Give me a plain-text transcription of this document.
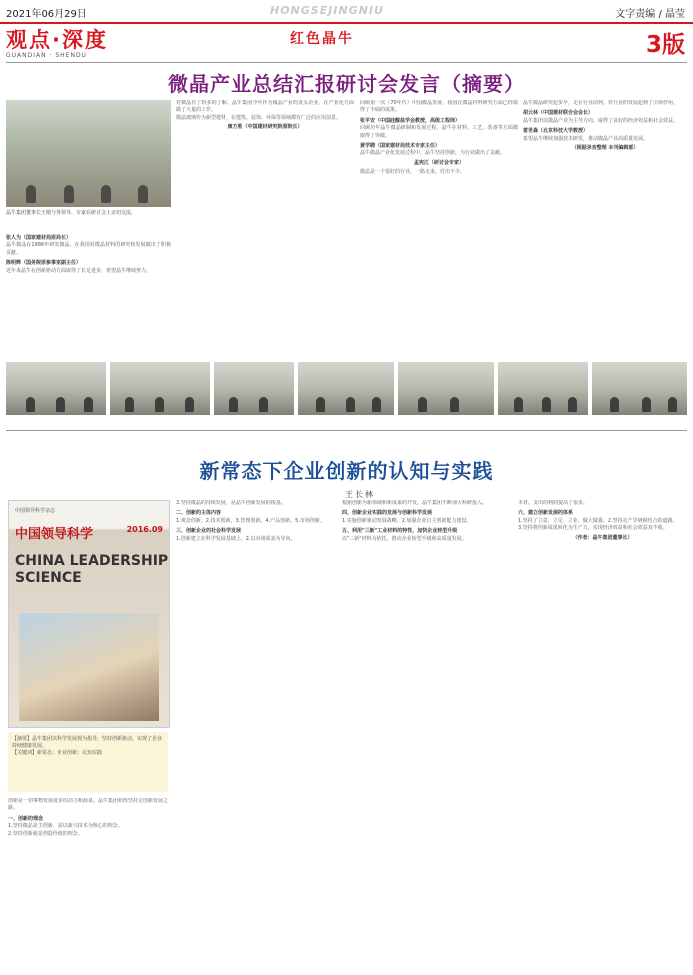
2021年06月29日	HONGSEJINGNIU	文字责编 / 晶莹
观点·深度
GUANDIAN · SHENDU
红色晶牛	3版
微晶产业总结汇报研讨会发言（摘要）
晶牛集团董事长王刚与各领导、专家在研讨会上亲切交流。
张人为（国家建材局原局长）
晶牛微晶在1986年研发微晶，在我国对微晶材料的研究和发展做出了积极贡献。

陈明辉（国务院原参事室副主任）
近年来晶牛在创新驱动方面取得了长足进步，希望晶牛继续努力。

对微晶有了较多的了解。晶牛集团今年作为微晶产业的龙头企业，在产业化方面做了大量的工作。
微晶玻璃作为新型建材，在建筑、装饰、环保等领域都有广泛的应用前景。

康方胜（中国建材研究院原院长）
回顾第一次（70年代）中国微晶发展，我国在微晶材料研究方面已经取得了丰硕的成果。

张平安（中国硅酸盐学会教授，高级工程师）
回顾历年晶牛微晶研制和发展过程，晶牛在材料、工艺、装备等方面都取得了突破。

黄学聘（国家建材局技术专家主任）
晶牛微晶产业化发展过程中，晶牛坚持创新，为行业做出了贡献。

孟宪江（研讨会专家）
微晶是一个很好的行业，一路走来，付出不少。

晶牛微晶研究起步早，走在行业前列，对行业的发展起到了引领作用。

胡云林（中国建材联合会会长）
晶牛集团以微晶产业为主导方向，取得了良好的经济效益和社会效益。

雷世森（北京科技大学教授）
希望晶牛继续加强技术研发，推动微晶产业高质量发展。

（根据录音整理 本刊编辑部）
新常态下企业创新的认知与实践
王长林
中国领导科学杂志
中国领导科学	2016.09
CHINA LEADERSHIP SCIENCE
【摘要】晶牛集团以科学发展观为指导，坚持创新驱动，实现了企业持续健康发展。
【关键词】新常态；企业创新；认知实践
创新是一切事物发展进步的动力和源泉。晶牛集团始终坚持走创新发展之路。

一、创新的理念
1.坚持微晶是主创新，是以新兴技术为核心的理念。
2.坚持创新就是创造价值的理念。

3.坚持微晶的持续发展，是晶牛创新发展的根基。

二、创新的主体内容
1.观念创新。2.技术创新。3.管理创新。4.产品创新。5.市场创新。

三、创新企业的社会科学发展
1.创新建立在科学发展基础上。2.以市场需求为导向。

根据创新为新领域和新成果的开发，晶牛集团不断加大科研投入。

四、创新企业实践的发展与创新科学发展
1.实施创新驱动发展战略。2.加强企业自主创新能力建设。

五、利用"三新"工业材料的特性，加快企业转型升级
以"三新"材料为依托，推动企业转型升级和高质量发展。

木材、支出的利润提高了很多。

六、建立创新发展的体系
1.坚持了立意、立足、立业，做大做强。2.坚持走产学研相结合的道路。
3.坚持将创新成果转化为生产力，实现经济效益和社会效益双丰收。

（作者：晶牛集团董事长）
